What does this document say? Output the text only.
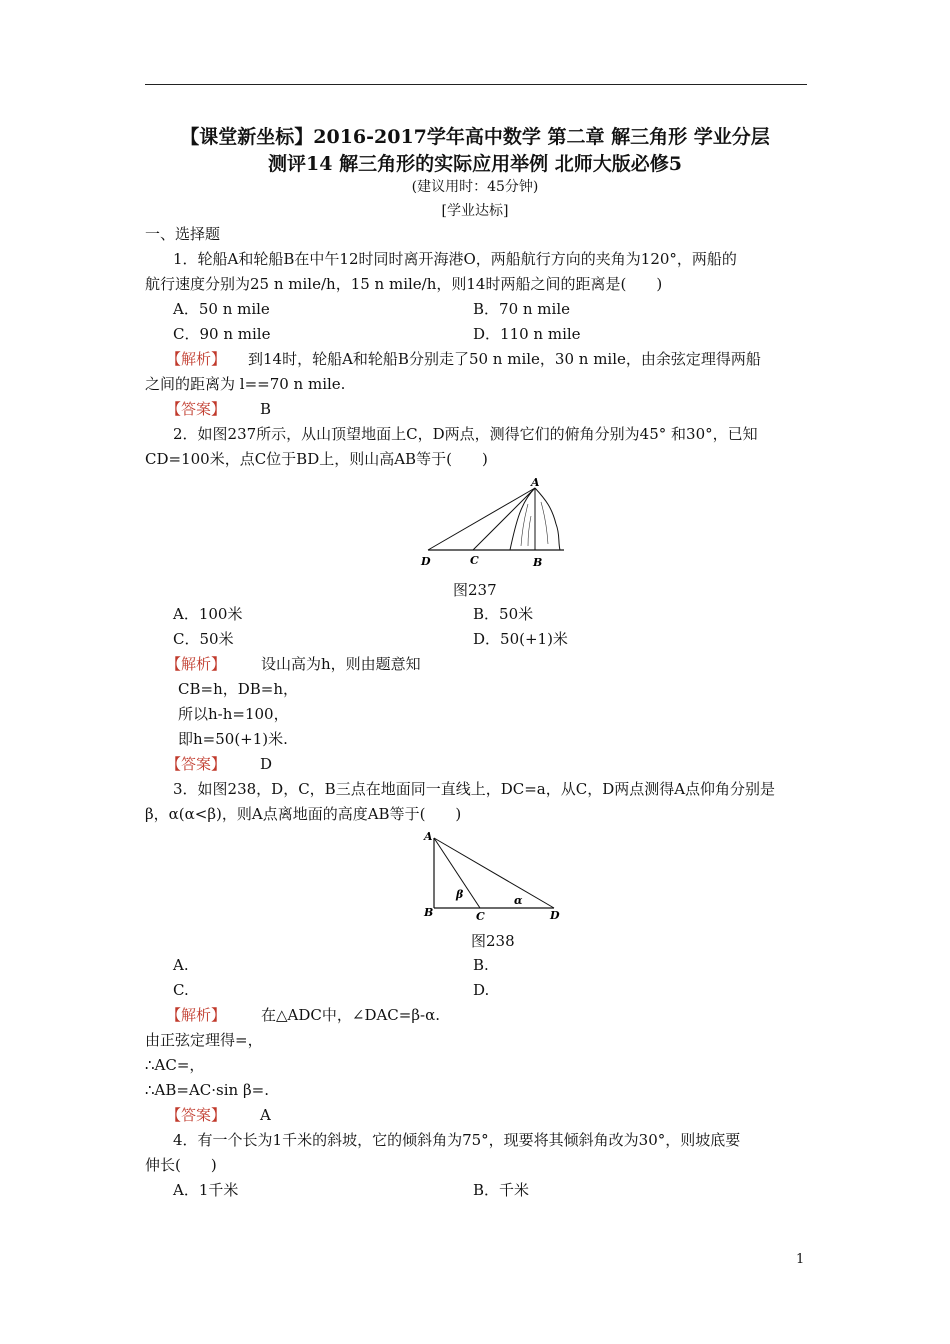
【课堂新坐标】2016-2017学年高中数学 第二章 解三角形 学业分层
测评14 解三角形的实际应用举例 北师大版必修5
(建议用时：45分钟)
[学业达标]
一、选择题
1．轮船A和轮船B在中午12时同时离开海港O，两船航行方向的夹角为120°，两船的
航行速度分别为25 n mile/h，15 n mile/h，则14时两船之间的距离是(　　)
A．50 n mile	B．70 n mile
C．90 n mile	D．110 n mile
【解析】 到14时，轮船A和轮船B分别走了50 n mile，30 n mile，由余弦定理得两船
之间的距离为 l==70 n mile.
【答案】 B
2．如图237所示，从山顶望地面上C，D两点，测得它们的俯角分别为45° 和30°，已知
CD=100米，点C位于BD上，则山高AB等于(　　)
A
D	C	B
图237
A．100米	B．50米
C．50米	D．50(+1)米
【解析】 设山高为h，则由题意知
CB=h，DB=h，
所以h-h=100，
即h=50(+1)米.
【答案】 D
3．如图238，D，C，B三点在地面同一直线上，DC=a，从C，D两点测得A点仰角分别是
β，α(α<β)，则A点离地面的高度AB等于(　　)
A
B	C	D
β	α
图238
A.	B.
C.	D.
【解析】 在△ADC中，∠DAC=β-α.
由正弦定理得=，
∴AC=，
∴AB=AC·sin β=.
【答案】 A
4．有一个长为1千米的斜坡，它的倾斜角为75°，现要将其倾斜角改为30°，则坡底要
伸长(　　)
A．1千米	B．千米
1
